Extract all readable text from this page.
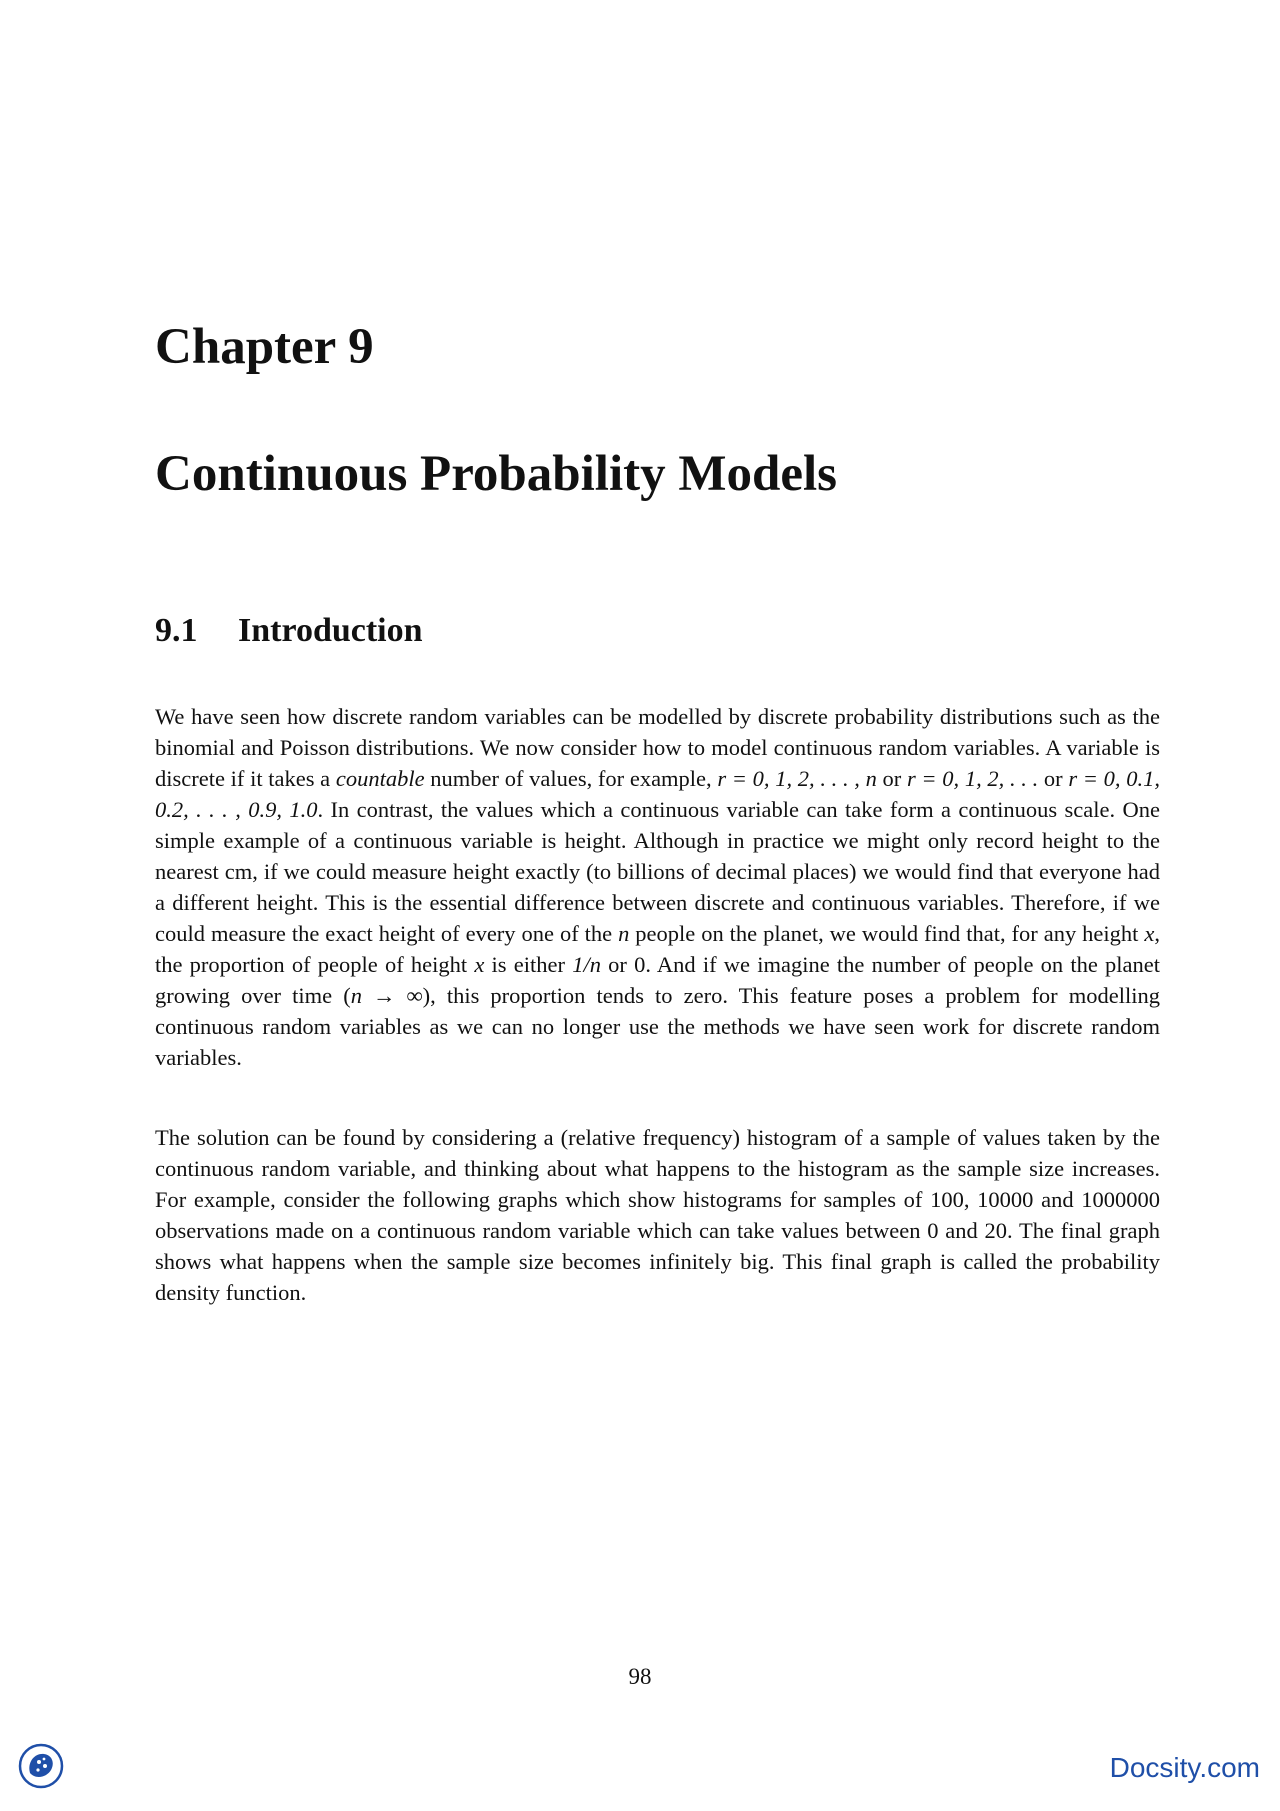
Chapter 9
Continuous Probability Models
9.1 Introduction

We have seen how discrete random variables can be modelled by discrete probability distributions such as the binomial and Poisson distributions. We now consider how to model continuous random variables. A variable is discrete if it takes a countable number of values, for example, r = 0, 1, 2, . . . , n or r = 0, 1, 2, . . . or r = 0, 0.1, 0.2, . . . , 0.9, 1.0. In contrast, the values which a continuous variable can take form a continuous scale. One simple example of a continuous variable is height. Although in practice we might only record height to the nearest cm, if we could measure height exactly (to billions of decimal places) we would find that everyone had a different height. This is the essential difference between discrete and continuous variables. Therefore, if we could measure the exact height of every one of the n people on the planet, we would find that, for any height x, the proportion of people of height x is either 1/n or 0. And if we imagine the number of people on the planet growing over time (n → ∞), this proportion tends to zero. This feature poses a problem for modelling continuous random variables as we can no longer use the methods we have seen work for discrete random variables.

The solution can be found by considering a (relative frequency) histogram of a sample of values taken by the continuous random variable, and thinking about what happens to the histogram as the sample size increases. For example, consider the following graphs which show histograms for samples of 100, 10000 and 1000000 observations made on a continuous random variable which can take values between 0 and 20. The final graph shows what happens when the sample size becomes infinitely big. This final graph is called the probability density function.

98
Docsity.com
